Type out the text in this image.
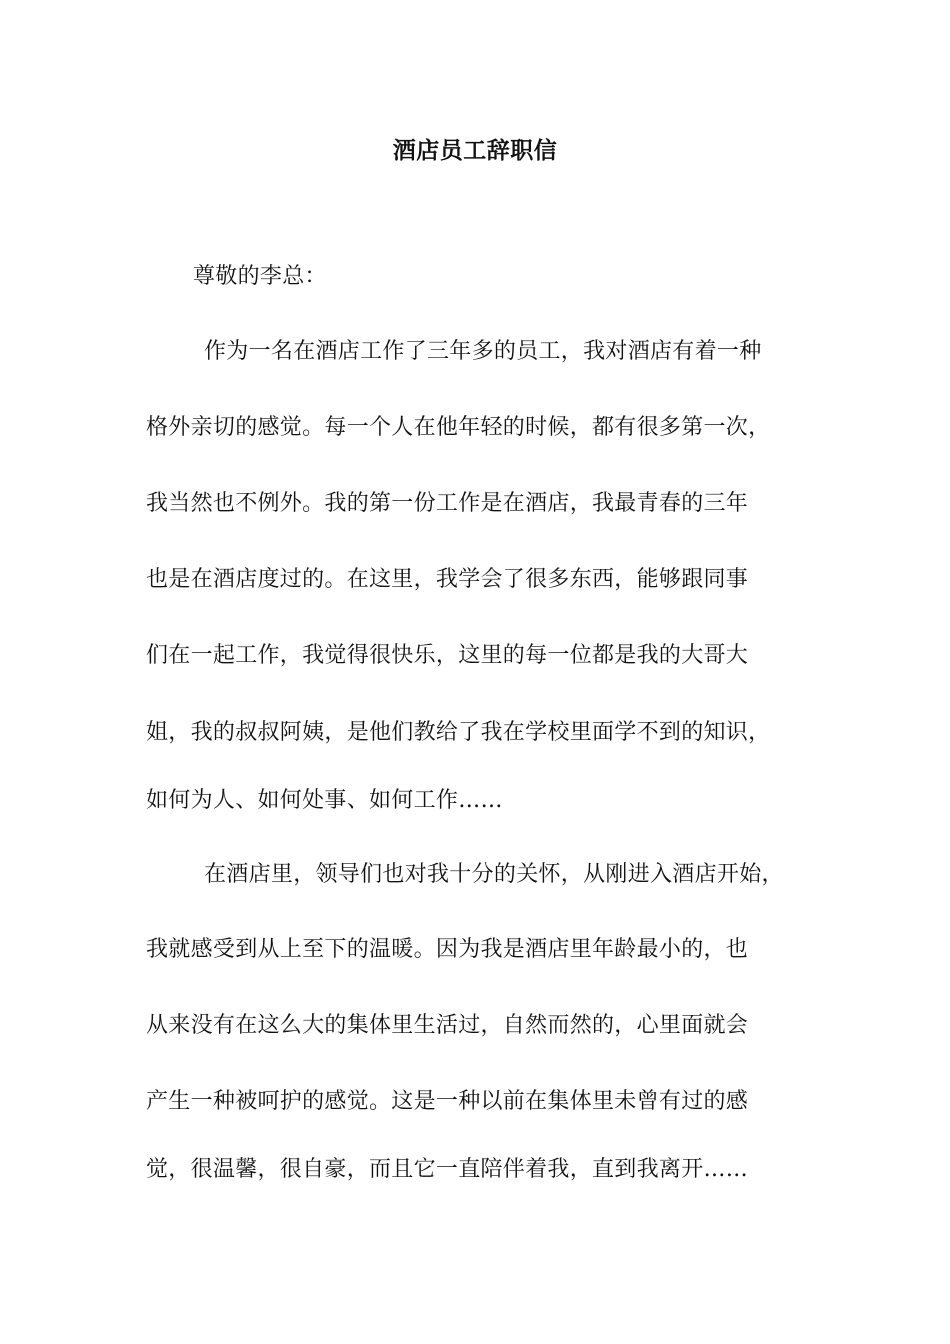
酒店员工辞职信
尊敬的李总：
作为一名在酒店工作了三年多的员工，我对酒店有着一种
格外亲切的感觉。每一个人在他年轻的时候，都有很多第一次，
我当然也不例外。我的第一份工作是在酒店，我最青春的三年
也是在酒店度过的。在这里，我学会了很多东西，能够跟同事
们在一起工作，我觉得很快乐，这里的每一位都是我的大哥大
姐，我的叔叔阿姨，是他们教给了我在学校里面学不到的知识，
如何为人、如何处事、如何工作……
在酒店里，领导们也对我十分的关怀，从刚进入酒店开始，
我就感受到从上至下的温暖。因为我是酒店里年龄最小的，也
从来没有在这么大的集体里生活过，自然而然的，心里面就会
产生一种被呵护的感觉。这是一种以前在集体里未曾有过的感
觉，很温馨，很自豪，而且它一直陪伴着我，直到我离开……
